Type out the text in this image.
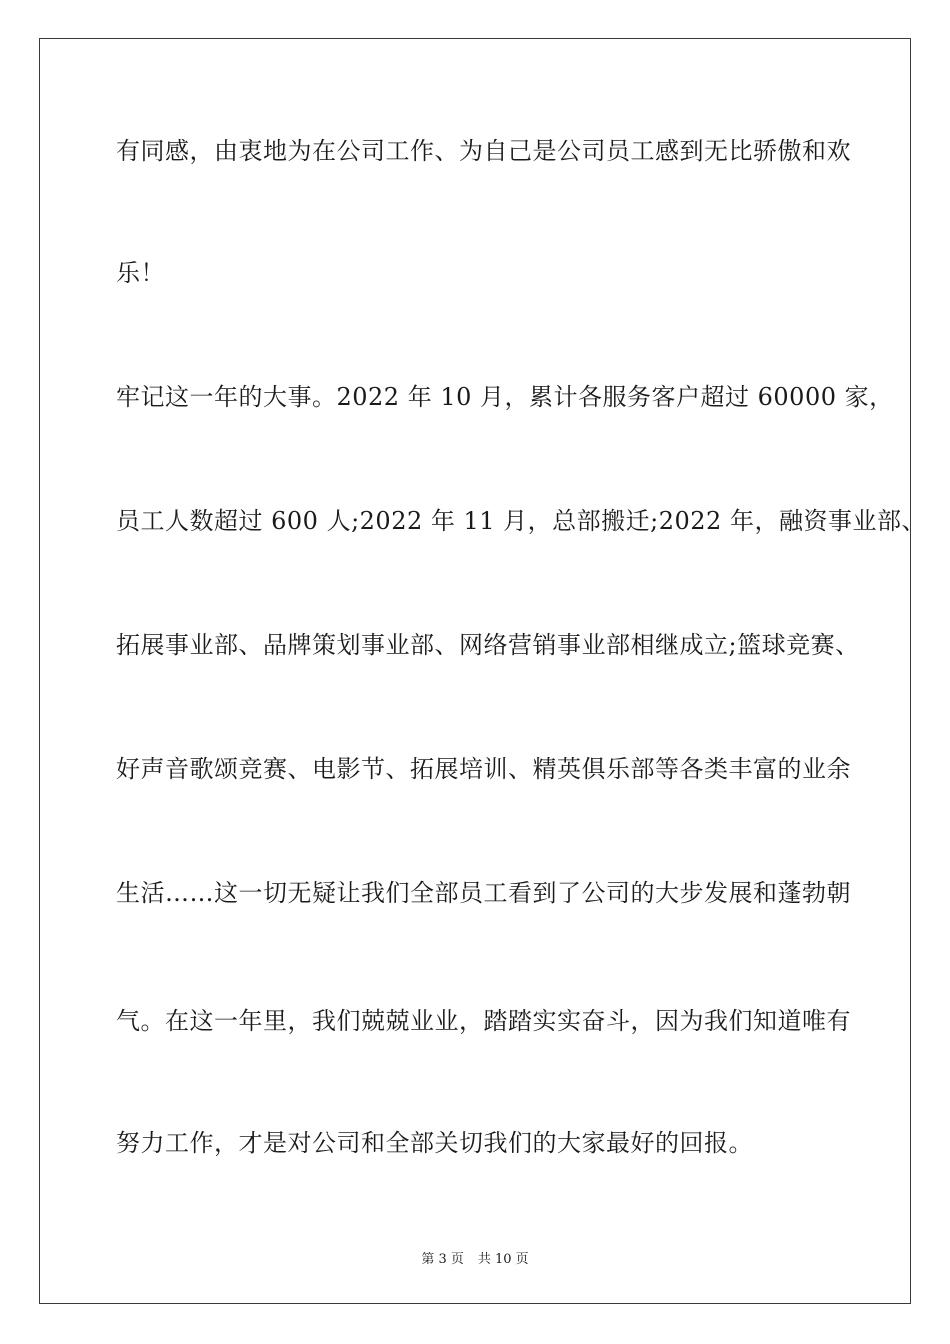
有同感，由衷地为在公司工作、为自己是公司员工感到无比骄傲和欢
乐！
牢记这一年的大事。2022 年 10 月，累计各服务客户超过 60000 家，
员工人数超过 600 人;2022 年 11 月，总部搬迁;2022 年，融资事业部、
拓展事业部、品牌策划事业部、网络营销事业部相继成立;篮球竞赛、
好声音歌颂竞赛、电影节、拓展培训、精英俱乐部等各类丰富的业余
生活……这一切无疑让我们全部员工看到了公司的大步发展和蓬勃朝
气。在这一年里，我们兢兢业业，踏踏实实奋斗，因为我们知道唯有
努力工作，才是对公司和全部关切我们的大家最好的回报。
第 3 页 共 10 页
